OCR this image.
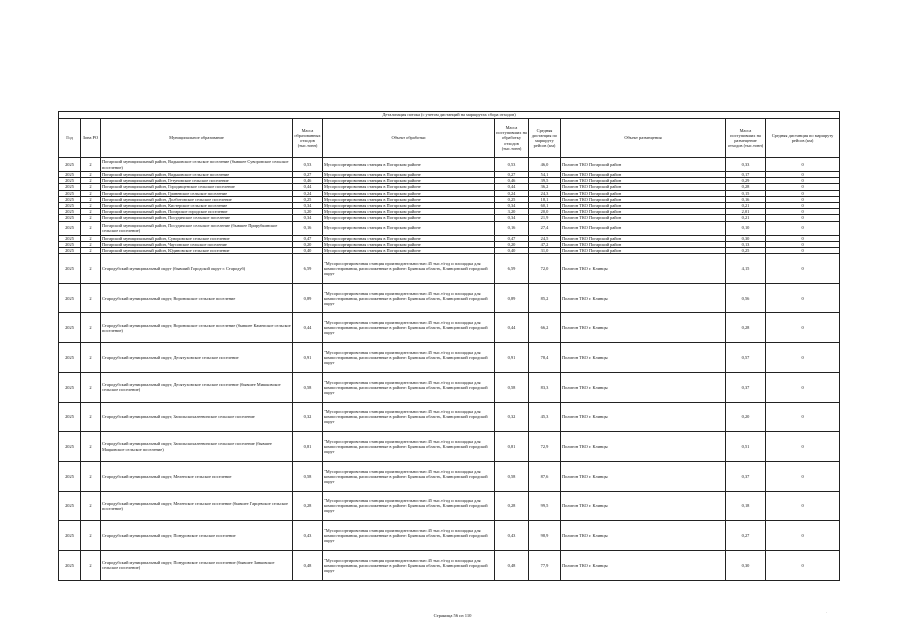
Детализация потока (с учетом дистанций на маршрутах сбора отходов)									
Год	Зона РО	Муниципальное образование	Масса образованных отходов (тыс.тонн)	Объект обработки	Масса поступивших на обработку отходов (тыс.тонн)	Средняя дистанция по маршруту рейсов (км)	Объект размещения	Масса поступивших на размещение отходов (тыс.тонн)	Средняя дистанция по маршруту рейсов (км)
2025	2	Погарский муниципальный район, Вадьковское сельское поселение (бывшее Суворовское сельское поселение)	0,53	Мусоросортировочная станция в Погарском районе	0,53	46,0	Полигон ТКО Погарский район	0,33	0
2025	2	Погарский муниципальный район, Вадьковское сельское поселение	0,27	Мусоросортировочная станция в Погарском районе	0,27	54,1	Полигон ТКО Погарский район	0,17	0
2025	2	Погарский муниципальный район, Гетуновское сельское поселение	0,46	Мусоросортировочная станция в Погарском районе	0,46	39,5	Полигон ТКО Погарский район	0,29	0
2025	2	Погарский муниципальный район, Городищенское сельское поселение	0,44	Мусоросортировочная станция в Погарском районе	0,44	36,2	Полигон ТКО Погарский район	0,28	0
2025	2	Погарский муниципальный район, Гриневское сельское поселение	0,24	Мусоросортировочная станция в Погарском районе	0,24	24,3	Полигон ТКО Погарский район	0,15	0
2025	2	Погарский муниципальный район, Долботовское сельское поселение	0,25	Мусоросортировочная станция в Погарском районе	0,25	18,1	Полигон ТКО Погарский район	0,16	0
2025	2	Погарский муниципальный район, Кистерское сельское поселение	0,34	Мусоросортировочная станция в Погарском районе	0,34	60,1	Полигон ТКО Погарский район	0,21	0
2025	2	Погарский муниципальный район, Погарское городское поселение	3,20	Мусоросортировочная станция в Погарском районе	3,20	20,0	Полигон ТКО Погарский район	2,01	0
2025	2	Погарский муниципальный район, Посудичское сельское поселение	0,34	Мусоросортировочная станция в Погарском районе	0,34	21,9	Полигон ТКО Погарский район	0,21	0
2025	2	Погарский муниципальный район, Посудичское сельское поселение (бывшее Прирубкинское сельское поселение)	0,16	Мусоросортировочная станция в Погарском районе	0,16	27,4	Полигон ТКО Погарский район	0,10	0
2025	2	Погарский муниципальный район, Суворовское сельское поселение	0,47	Мусоросортировочная станция в Погарском районе	0,47	24,5	Полигон ТКО Погарский район	0,30	0
2025	2	Погарский муниципальный район, Чаусовское сельское поселение	0,20	Мусоросортировочная станция в Погарском районе	0,20	47,2	Полигон ТКО Погарский район	0,13	0
2025	2	Погарский муниципальный район, Юдиновское сельское поселение	0,40	Мусоросортировочная станция в Погарском районе	0,40	31,0	Полигон ТКО Погарский район	0,25	0
2025	2	Стародубский муниципальный округ (бывший Городской округ г. Стародуб)	6,59	"Мусоросортировочная станция производительностью 45 тыс.т/год и площадка для компостирования, расположенные в районе: Брянская область, Клинцовский городской округ	6,59	72,0	Полигон ТКО г. Клинцы	4,15	0
2025	2	Стародубский муниципальный округ, Воронокское сельское поселение	0,89	"Мусоросортировочная станция производительностью 45 тыс.т/год и площадка для компостирования, расположенные в районе: Брянская область, Клинцовский городской округ	0,89	85,2	Полигон ТКО г. Клинцы	0,56	0
2025	2	Стародубский муниципальный округ, Воронокское сельское поселение (бывшее Камепское сельское поселение)	0,44	"Мусоросортировочная станция производительностью 45 тыс.т/год и площадка для компостирования, расположенные в районе: Брянская область, Клинцовский городской округ	0,44	66,2	Полигон ТКО г. Клинцы	0,28	0
2025	2	Стародубский муниципальный округ, Десятуховское сельское поселение	0,91	"Мусоросортировочная станция производительностью 45 тыс.т/год и площадка для компостирования, расположенные в районе: Брянская область, Клинцовский городской округ	0,91	78,4	Полигон ТКО г. Клинцы	0,57	0
2025	2	Стародубский муниципальный округ, Десятуховское сельское поселение (бывшее Мишковское сельское поселение)	0,58	"Мусоросортировочная станция производительностью 45 тыс.т/год и площадка для компостирования, расположенные в районе: Брянская область, Клинцовский городской округ	0,58	83,3	Полигон ТКО г. Клинцы	0,37	0
2025	2	Стародубский муниципальный округ, Запольскохалеевичское сельское поселение	0,32	"Мусоросортировочная станция производительностью 45 тыс.т/год и площадка для компостирования, расположенные в районе: Брянская область, Клинцовский городской округ	0,32	45,3	Полигон ТКО г. Клинцы	0,20	0
2025	2	Стародубский муниципальный округ, Запольскохалеевичское сельское поселение (бывшее Мацковское сельское поселение)	0,81	"Мусоросортировочная станция производительностью 45 тыс.т/год и площадка для компостирования, расположенные в районе: Брянская область, Клинцовский городской округ	0,81	72,9	Полигон ТКО г. Клинцы	0,51	0
2025	2	Стародубский муниципальный округ, Меленское сельское поселение	0,58	"Мусоросортировочная станция производительностью 45 тыс.т/год и площадка для компостирования, расположенные в районе: Брянская область, Клинцовский городской округ	0,58	87,6	Полигон ТКО г. Клинцы	0,37	0
2025	2	Стародубский муниципальный округ, Меленское сельское поселение (бывшее Гарцевское сельское поселение)	0,28	"Мусоросортировочная станция производительностью 45 тыс.т/год и площадка для компостирования, расположенные в районе: Брянская область, Клинцовский городской округ	0,28	99,5	Полигон ТКО г. Клинцы	0,18	0
2025	2	Стародубский муниципальный округ, Понуровское сельское поселение	0,43	"Мусоросортировочная станция производительностью 45 тыс.т/год и площадка для компостирования, расположенные в районе: Брянская область, Клинцовский городской округ	0,43	98,9	Полигон ТКО г. Клинцы	0,27	0
2025	2	Стародубский муниципальный округ, Понуровское сельское поселение (бывшее Занковское сельское поселение)	0,48	"Мусоросортировочная станция производительностью 45 тыс.т/год и площадка для компостирования, расположенные в районе: Брянская область, Клинцовский городской округ	0,48	77,9	Полигон ТКО г. Клинцы	0,30	0
Страница 56 из 110
·
